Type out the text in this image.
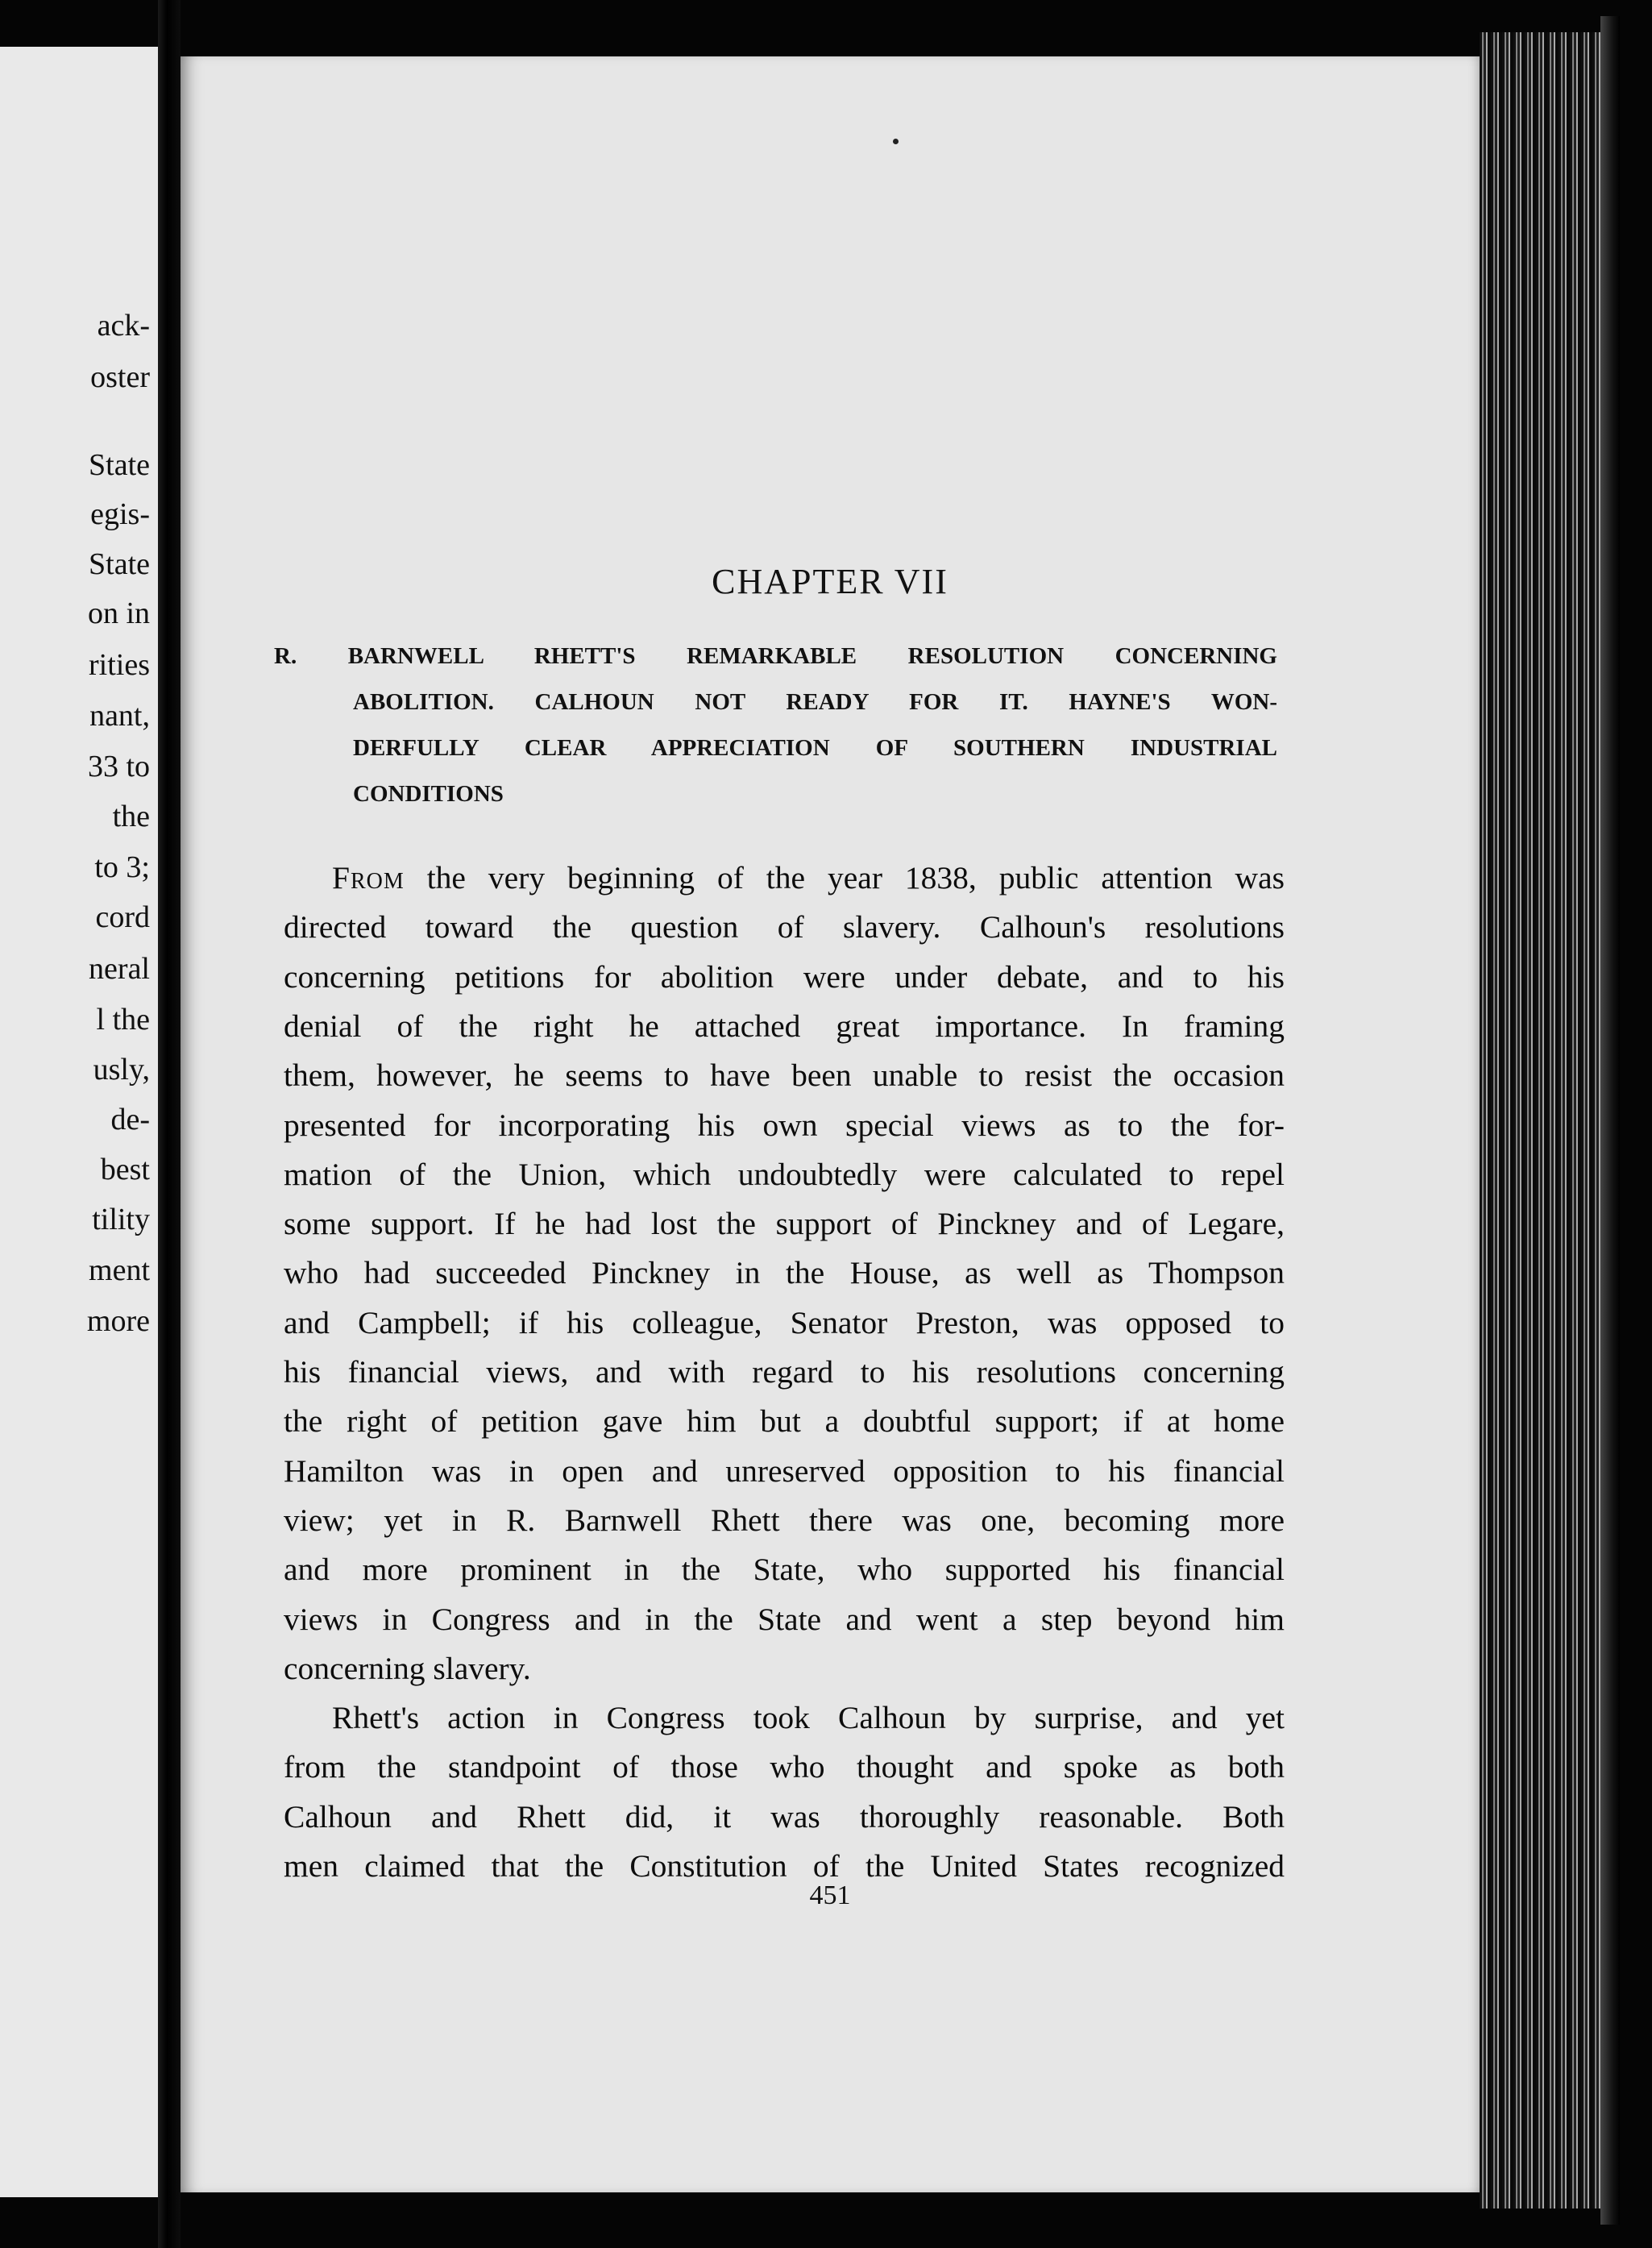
ack-
oster
State
egis-
State
on in
rities
nant,
33 to
the
to 3;
cord
neral
l the
usly,
de-
best
tility
ment
more
CHAPTER VII
R. BARNWELL RHETT'S REMARKABLE RESOLUTION CONCERNING
ABOLITION. CALHOUN NOT READY FOR IT. HAYNE'S WON-
DERFULLY CLEAR APPRECIATION OF SOUTHERN INDUSTRIAL
CONDITIONS
From the very beginning of the year 1838, public attention was
directed toward the question of slavery. Calhoun's resolutions
concerning petitions for abolition were under debate, and to his
denial of the right he attached great importance. In framing
them, however, he seems to have been unable to resist the occasion
presented for incorporating his own special views as to the for-
mation of the Union, which undoubtedly were calculated to repel
some support. If he had lost the support of Pinckney and of Legare,
who had succeeded Pinckney in the House, as well as Thompson
and Campbell; if his colleague, Senator Preston, was opposed to
his financial views, and with regard to his resolutions concerning
the right of petition gave him but a doubtful support; if at home
Hamilton was in open and unreserved opposition to his financial
view; yet in R. Barnwell Rhett there was one, becoming more
and more prominent in the State, who supported his financial
views in Congress and in the State and went a step beyond him
concerning slavery.
Rhett's action in Congress took Calhoun by surprise, and yet
from the standpoint of those who thought and spoke as both
Calhoun and Rhett did, it was thoroughly reasonable. Both
men claimed that the Constitution of the United States recognized
451
